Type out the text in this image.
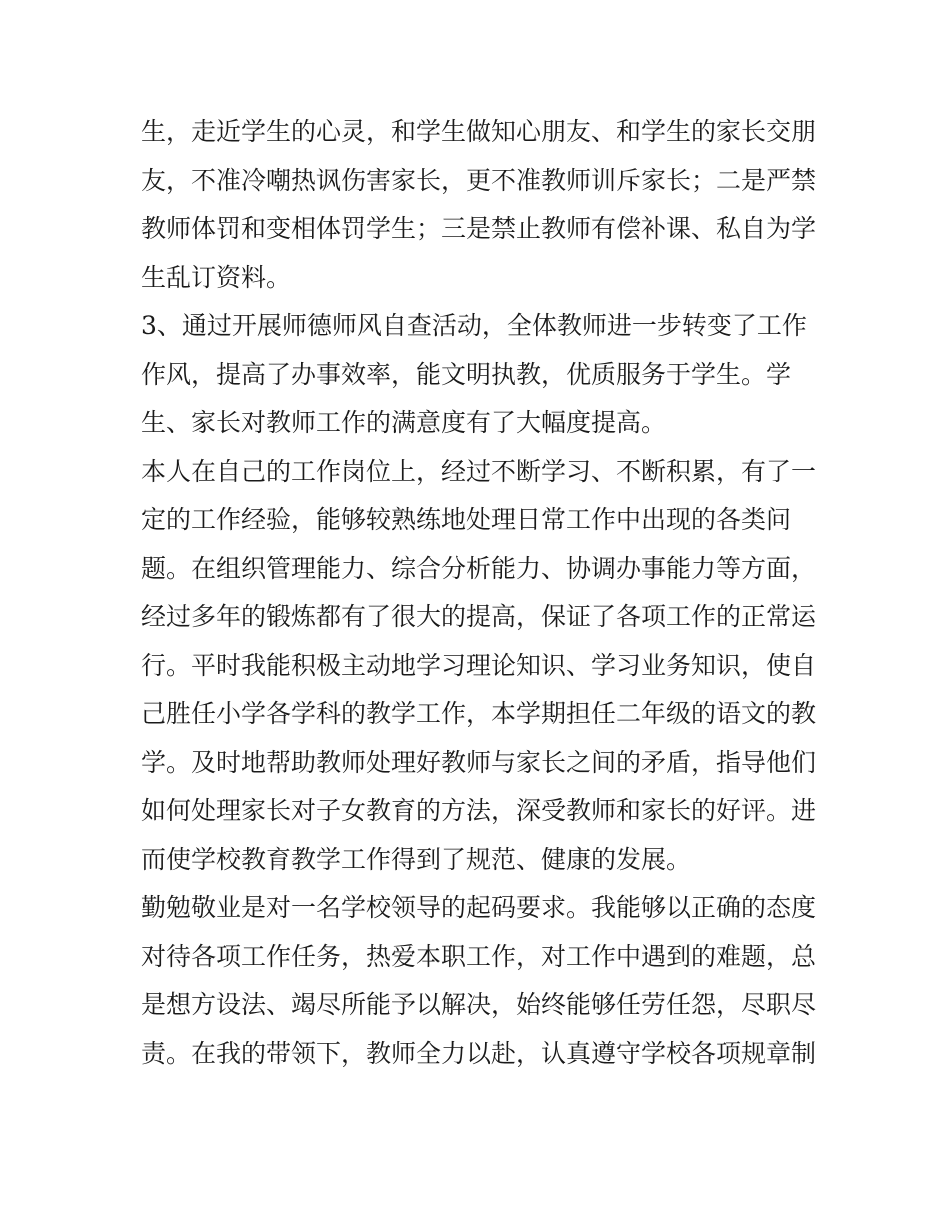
生，走近学生的心灵，和学生做知心朋友、和学生的家长交朋
友，不准冷嘲热讽伤害家长，更不准教师训斥家长；二是严禁
教师体罚和变相体罚学生；三是禁止教师有偿补课、私自为学
生乱订资料。
3、通过开展师德师风自查活动，全体教师进一步转变了工作
作风，提高了办事效率，能文明执教，优质服务于学生。学
生、家长对教师工作的满意度有了大幅度提高。
本人在自己的工作岗位上，经过不断学习、不断积累，有了一
定的工作经验，能够较熟练地处理日常工作中出现的各类问
题。在组织管理能力、综合分析能力、协调办事能力等方面，
经过多年的锻炼都有了很大的提高，保证了各项工作的正常运
行。平时我能积极主动地学习理论知识、学习业务知识，使自
己胜任小学各学科的教学工作，本学期担任二年级的语文的教
学。及时地帮助教师处理好教师与家长之间的矛盾，指导他们
如何处理家长对子女教育的方法，深受教师和家长的好评。进
而使学校教育教学工作得到了规范、健康的发展。
勤勉敬业是对一名学校领导的起码要求。我能够以正确的态度
对待各项工作任务，热爱本职工作，对工作中遇到的难题，总
是想方设法、竭尽所能予以解决，始终能够任劳任怨，尽职尽
责。在我的带领下，教师全力以赴，认真遵守学校各项规章制
